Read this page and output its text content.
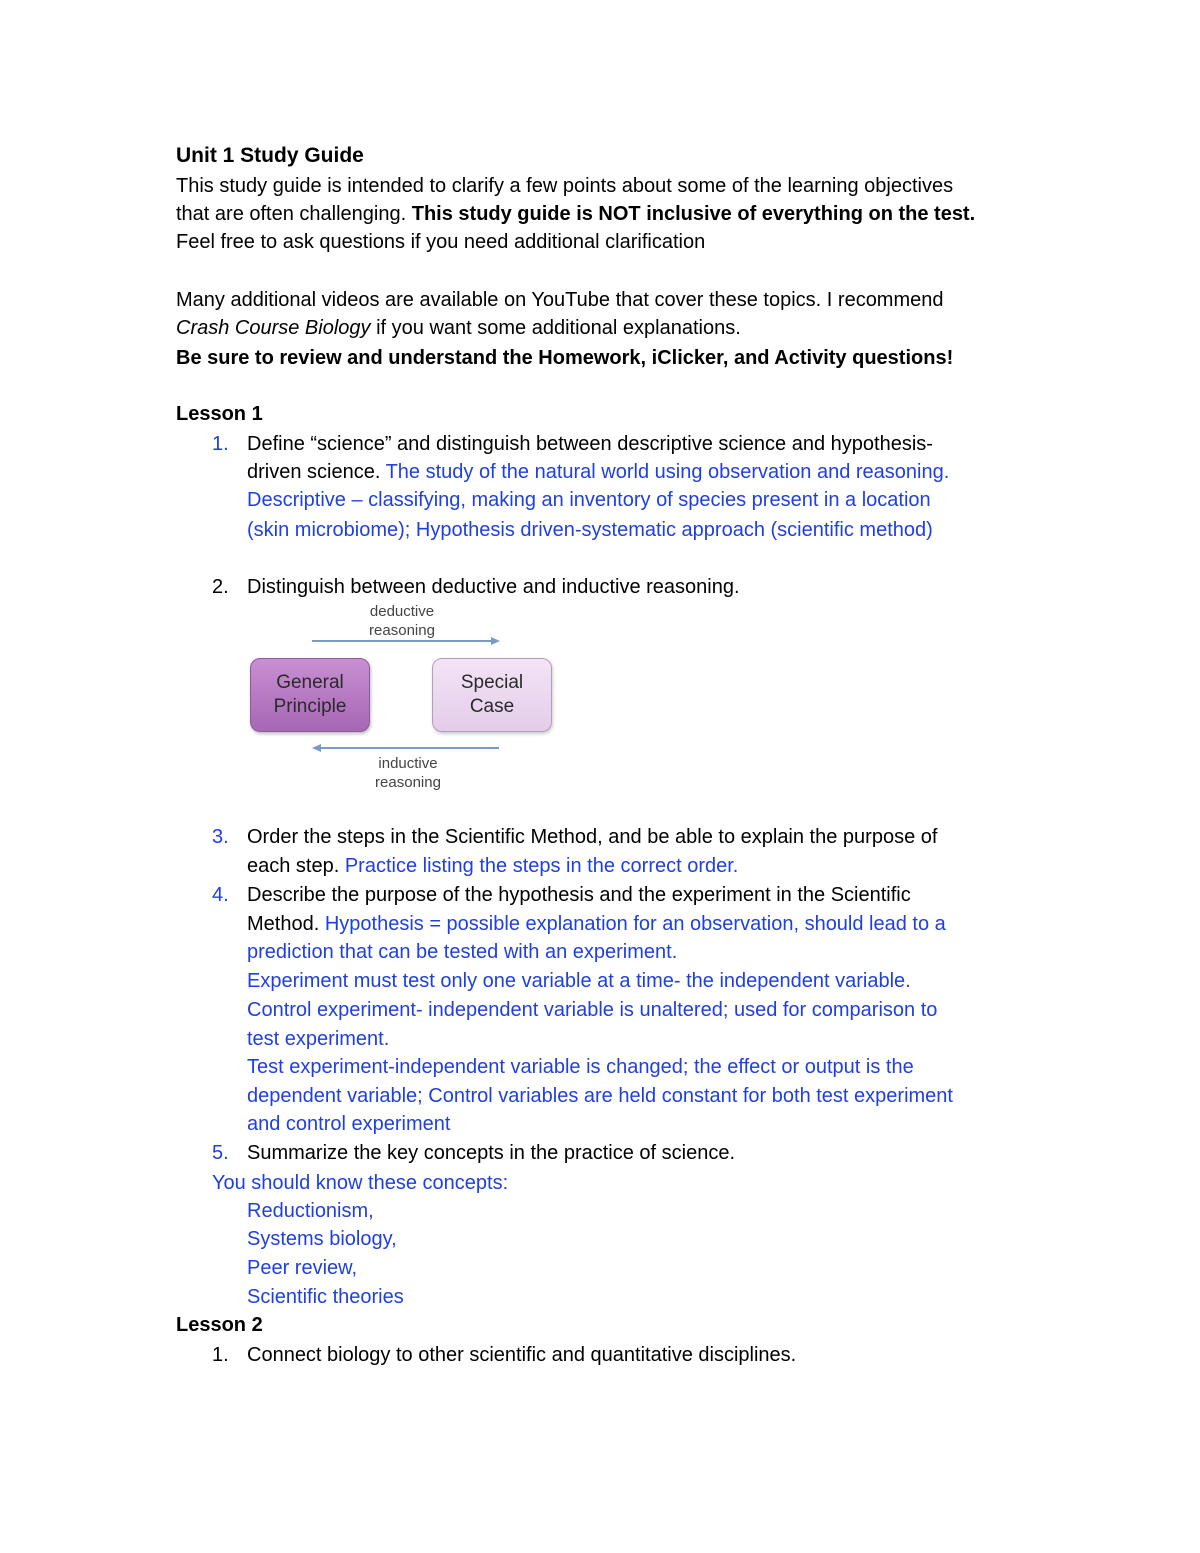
Unit 1 Study Guide
This study guide is intended to clarify a few points about some of the learning objectives
that are often challenging. This study guide is NOT inclusive of everything on the test.
Feel free to ask questions if you need additional clarification
Many additional videos are available on YouTube that cover these topics. I recommend
Crash Course Biology if you want some additional explanations.
Be sure to review and understand the Homework, iClicker, and Activity questions!
Lesson 1
1. Define “science” and distinguish between descriptive science and hypothesis-
driven science. The study of the natural world using observation and reasoning.
Descriptive – classifying, making an inventory of species present in a location
(skin microbiome); Hypothesis driven-systematic approach (scientific method)
2. Distinguish between deductive and inductive reasoning.
deductive
reasoning
General
Principle
Special
Case
inductive
reasoning
3. Order the steps in the Scientific Method, and be able to explain the purpose of
each step. Practice listing the steps in the correct order.
4. Describe the purpose of the hypothesis and the experiment in the Scientific
Method. Hypothesis = possible explanation for an observation, should lead to a
prediction that can be tested with an experiment.
Experiment must test only one variable at a time- the independent variable.
Control experiment- independent variable is unaltered; used for comparison to
test experiment.
Test experiment-independent variable is changed; the effect or output is the
dependent variable; Control variables are held constant for both test experiment
and control experiment
5. Summarize the key concepts in the practice of science.
You should know these concepts:
Reductionism,
Systems biology,
Peer review,
Scientific theories
Lesson 2
1. Connect biology to other scientific and quantitative disciplines.
